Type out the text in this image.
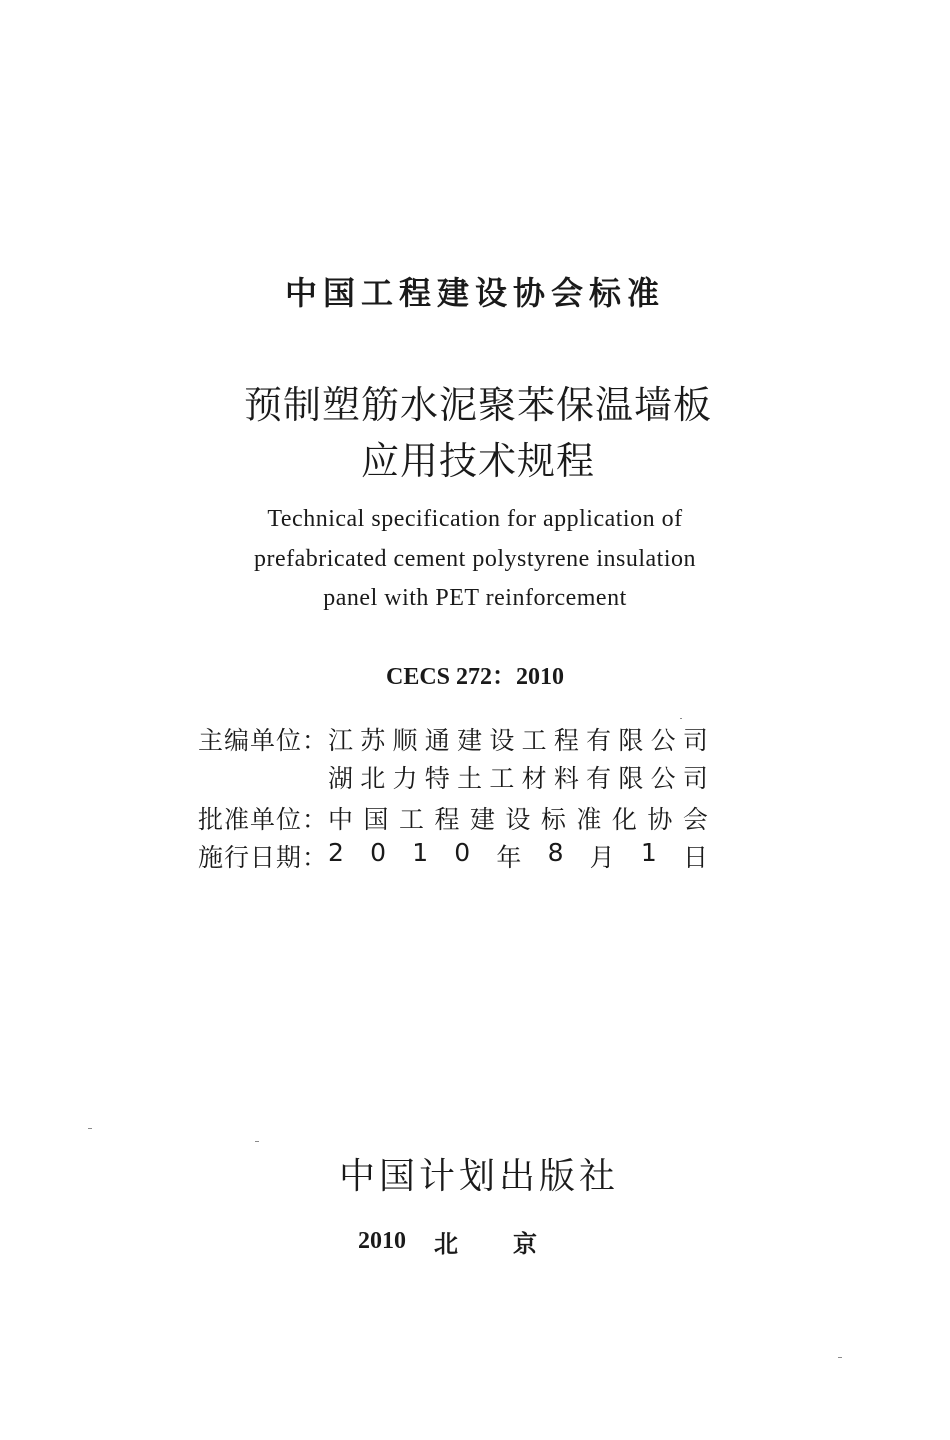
中国工程建设协会标准
预制塑筋水泥聚苯保温墙板
应用技术规程
Technical specification for application of
prefabricated cement polystyrene insulation
panel with PET reinforcement
CECS 272：2010
主编单位： 江 苏 顺 通 建 设 工 程 有 限 公 司
湖 北 力 特 土 工 材 料 有 限 公 司
批准单位： 中 国 工 程 建 设 标 准 化 协 会
施行日期： 2 0 1 0 年 8 月 1 日
中国计划出版社
2010 北京
